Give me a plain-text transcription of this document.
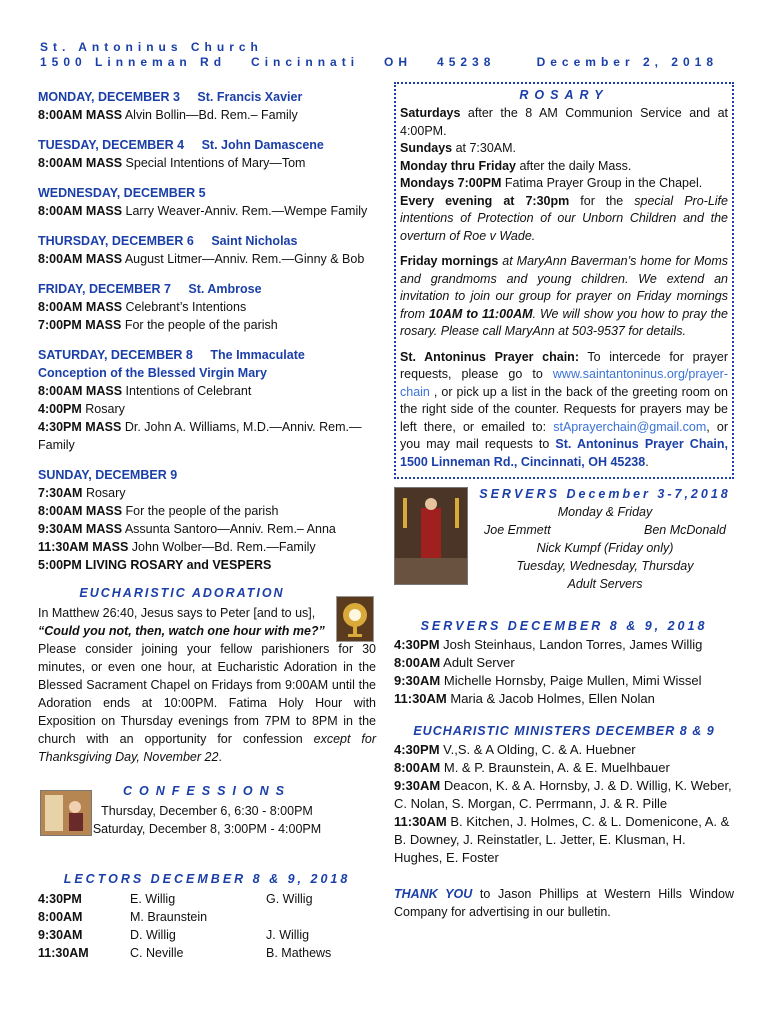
St. Antoninus Church
1500 Linneman Rd   Cincinnati   OH   45238	December 2, 2018
MONDAY, DECEMBER 3 St. Francis Xavier
8:00AM MASS Alvin Bollin—Bd. Rem.– Family
TUESDAY, DECEMBER 4 St. John Damascene
8:00AM MASS Special Intentions of Mary—Tom
WEDNESDAY, DECEMBER 5
8:00AM MASS Larry Weaver-Anniv. Rem.—Wempe Family
THURSDAY, DECEMBER 6 Saint Nicholas
8:00AM MASS August Litmer—Anniv. Rem.—Ginny & Bob
FRIDAY, DECEMBER 7 St. Ambrose
8:00AM MASS Celebrant’s Intentions
7:00PM MASS For the people of the parish
SATURDAY, DECEMBER 8 The Immaculate Conception of the Blessed Virgin Mary
8:00AM MASS Intentions of Celebrant
4:00PM Rosary
4:30PM MASS Dr. John A. Williams, M.D.—Anniv. Rem.—Family
SUNDAY, DECEMBER 9
7:30AM Rosary
8:00AM MASS For the people of the parish
9:30AM MASS Assunta Santoro—Anniv. Rem.– Anna
11:30AM MASS John Wolber—Bd. Rem.—Family
5:00PM LIVING ROSARY and VESPERS
EUCHARISTIC ADORATION
In Matthew 26:40, Jesus says to Peter [and to us],
“Could you not, then, watch one hour with me?”
Please consider joining your fellow parishioners for 30 minutes, or even one hour, at Eucharistic Adoration in the Blessed Sacrament Chapel on Fridays from 9:00AM until the Adoration ends at 10:00PM. Fatima Holy Hour with Exposition on Thursday evenings from 7PM to 8PM in the church with an opportunity for confession except for Thanksgiving Day, November 22.
CONFESSIONS
Thursday, December 6, 6:30 - 8:00PM
Saturday, December 8, 3:00PM - 4:00PM
LECTORS DECEMBER 8 & 9, 2018
4:30PM	E. Willig	G. Willig
8:00AM	M. Braunstein
9:30AM	D. Willig	J. Willig
11:30AM	C. Neville	B. Mathews
ROSARY
Saturdays after the 8 AM Communion Service and at 4:00PM.
Sundays at 7:30AM.
Monday thru Friday after the daily Mass.
Mondays 7:00PM Fatima Prayer Group in the Chapel.
Every evening at 7:30pm for the special Pro-Life intentions of Protection of our Unborn Children and the overturn of Roe v Wade.
Friday mornings at MaryAnn Baverman’s home for Moms and grandmoms and young children. We extend an invitation to join our group for prayer on Friday mornings from 10AM to 11:00AM. We will show you how to pray the rosary. Please call MaryAnn at 503-9537 for details.
St. Antoninus Prayer chain: To intercede for prayer requests, please go to www.saintantoninus.org/prayer-chain , or pick up a list in the back of the greeting room on the right side of the counter. Requests for prayers may be left there, or emailed to: stAprayerchain@gmail.com, or you may mail requests to St. Antoninus Prayer Chain, 1500 Linneman Rd., Cincinnati, OH 45238.
SERVERS December 3-7,2018
Monday & Friday
Joe Emmett	Ben McDonald
Nick Kumpf (Friday only)
Tuesday, Wednesday, Thursday
Adult Servers
SERVERS DECEMBER 8 & 9, 2018
4:30PM Josh Steinhaus, Landon Torres, James Willig
8:00AM Adult Server
9:30AM Michelle Hornsby, Paige Mullen, Mimi Wissel
11:30AM Maria & Jacob Holmes, Ellen Nolan
EUCHARISTIC MINISTERS DECEMBER 8 & 9
4:30PM V.,S. & A Olding, C. & A. Huebner
8:00AM M. & P. Braunstein, A. & E. Muelhbauer
9:30AM Deacon, K. & A. Hornsby, J. & D. Willig, K. Weber, C. Nolan, S. Morgan, C. Perrmann, J. & R. Pille
11:30AM B. Kitchen, J. Holmes, C. & L. Domenicone, A. & B. Downey, J. Reinstatler, L. Jetter, E. Klusman, H. Hughes, E. Foster
THANK YOU to Jason Phillips at Western Hills Window Company for advertising in our bulletin.
